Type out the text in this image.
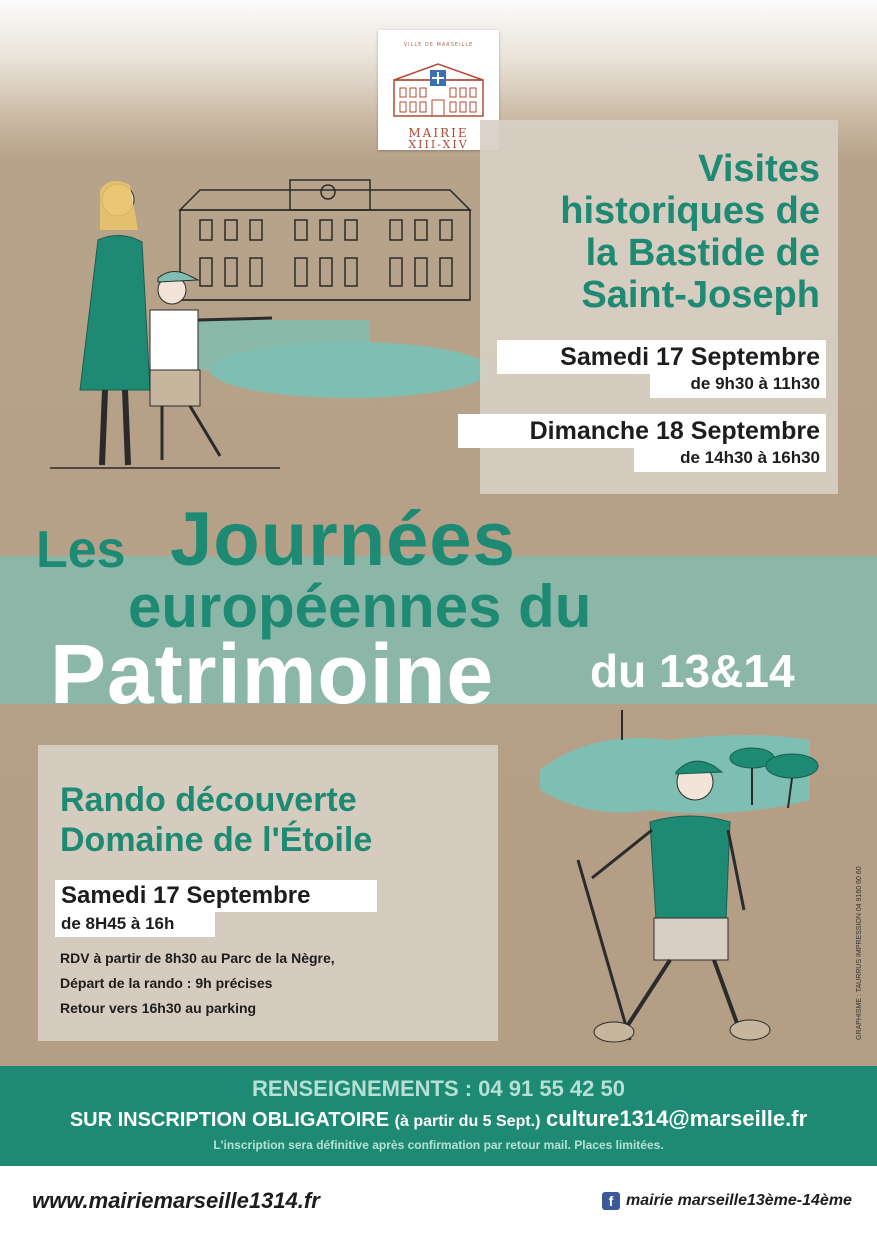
VILLE DE MARSEILLE
MAIRIE
XIII-XIV
Visites
historiques de
la Bastide de
Saint-Joseph
Samedi 17 Septembre
de 9h30 à 11h30
Dimanche 18 Septembre
de 14h30 à 16h30
Les Journées
européennes du
Patrimoine du 13&14
Rando découverte
Domaine de l'Étoile
Samedi 17 Septembre
de 8H45 à 16h
RDV à partir de 8h30 au Parc de la Nègre,
Départ de la rando : 9h précises
Retour vers 16h30 au parking	GRAPHISME : TAURRUS IMPRESSION 04 9160 60 60
RENSEIGNEMENTS : 04 91 55 42 50
SUR INSCRIPTION OBLIGATOIRE (à partir du 5 Sept.) culture1314@marseille.fr
L'inscription sera définitive après confirmation par retour mail. Places limitées.
www.mairiemarseille1314.fr	f mairie marseille13ème-14ème
